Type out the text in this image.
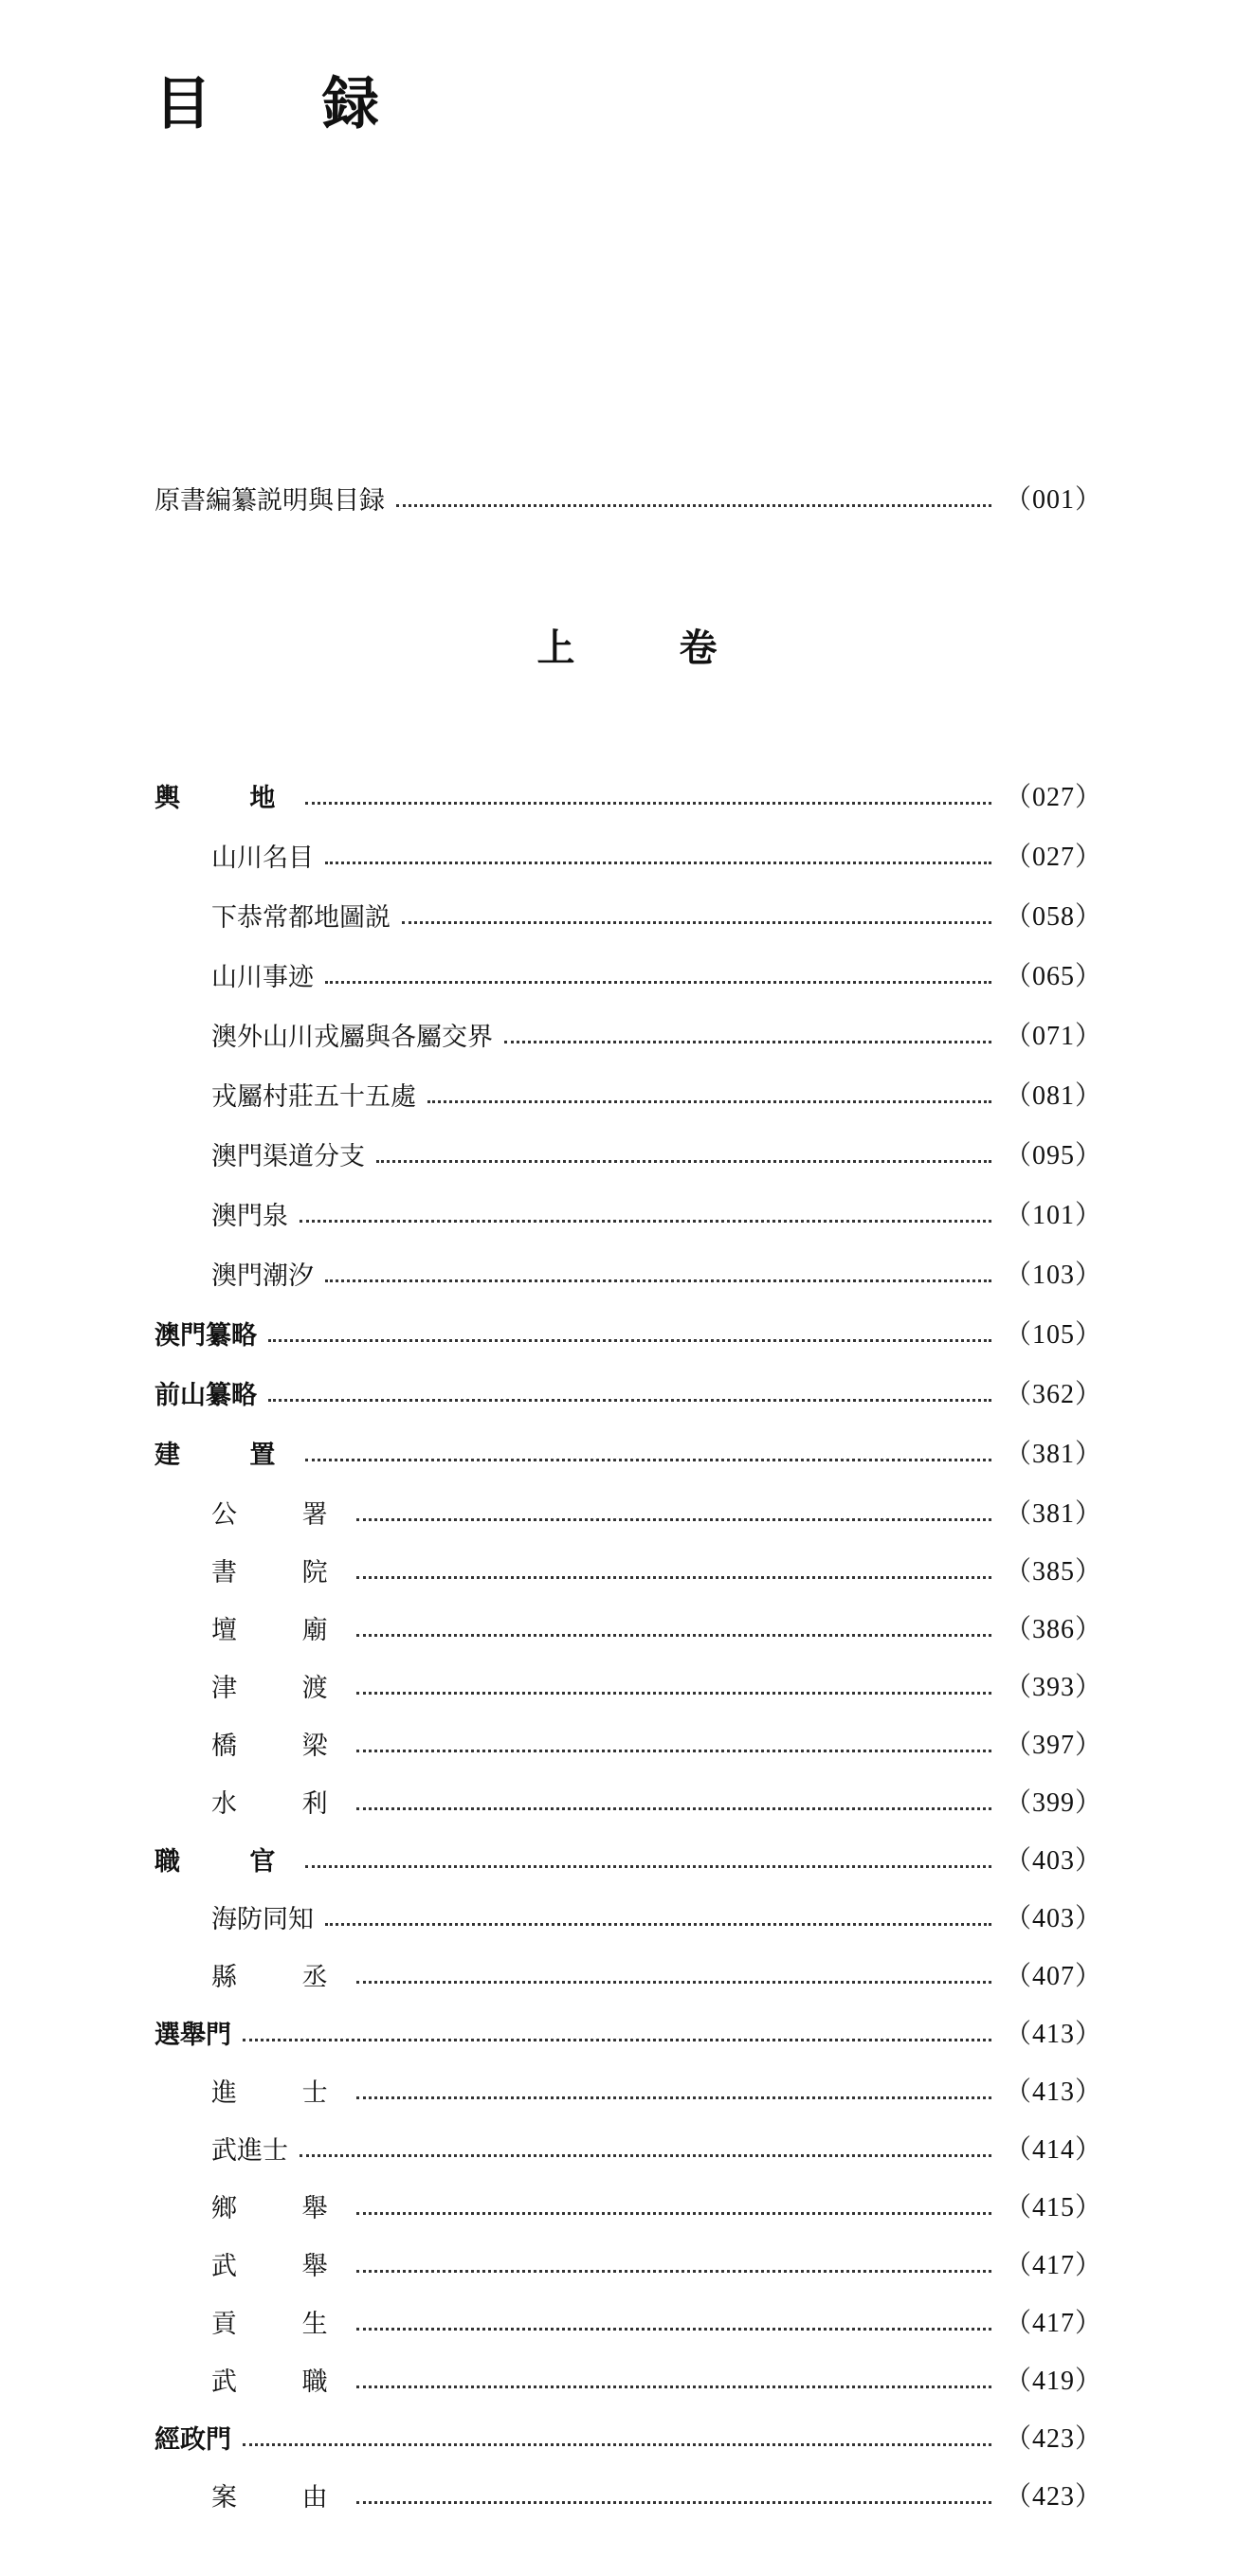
目 録
原書編纂説明與目録	（001）
上 卷
輿 地	（027）
山川名目	（027）
下恭常都地圖説	（058）
山川事迹	（065）
澳外山川戎屬與各屬交界	（071）
戎屬村莊五十五處	（081）
澳門渠道分支	（095）
澳門泉	（101）
澳門潮汐	（103）
澳門纂略	（105）
前山纂略	（362）
建 置	（381）
公 署	（381）
書 院	（385）
壇 廟	（386）
津 渡	（393）
橋 梁	（397）
水 利	（399）
職 官	（403）
海防同知	（403）
縣 丞	（407）
選舉門	（413）
進 士	（413）
武進士	（414）
鄉 舉	（415）
武 舉	（417）
貢 生	（417）
武 職	（419）
經政門	（423）
案 由	（423）
